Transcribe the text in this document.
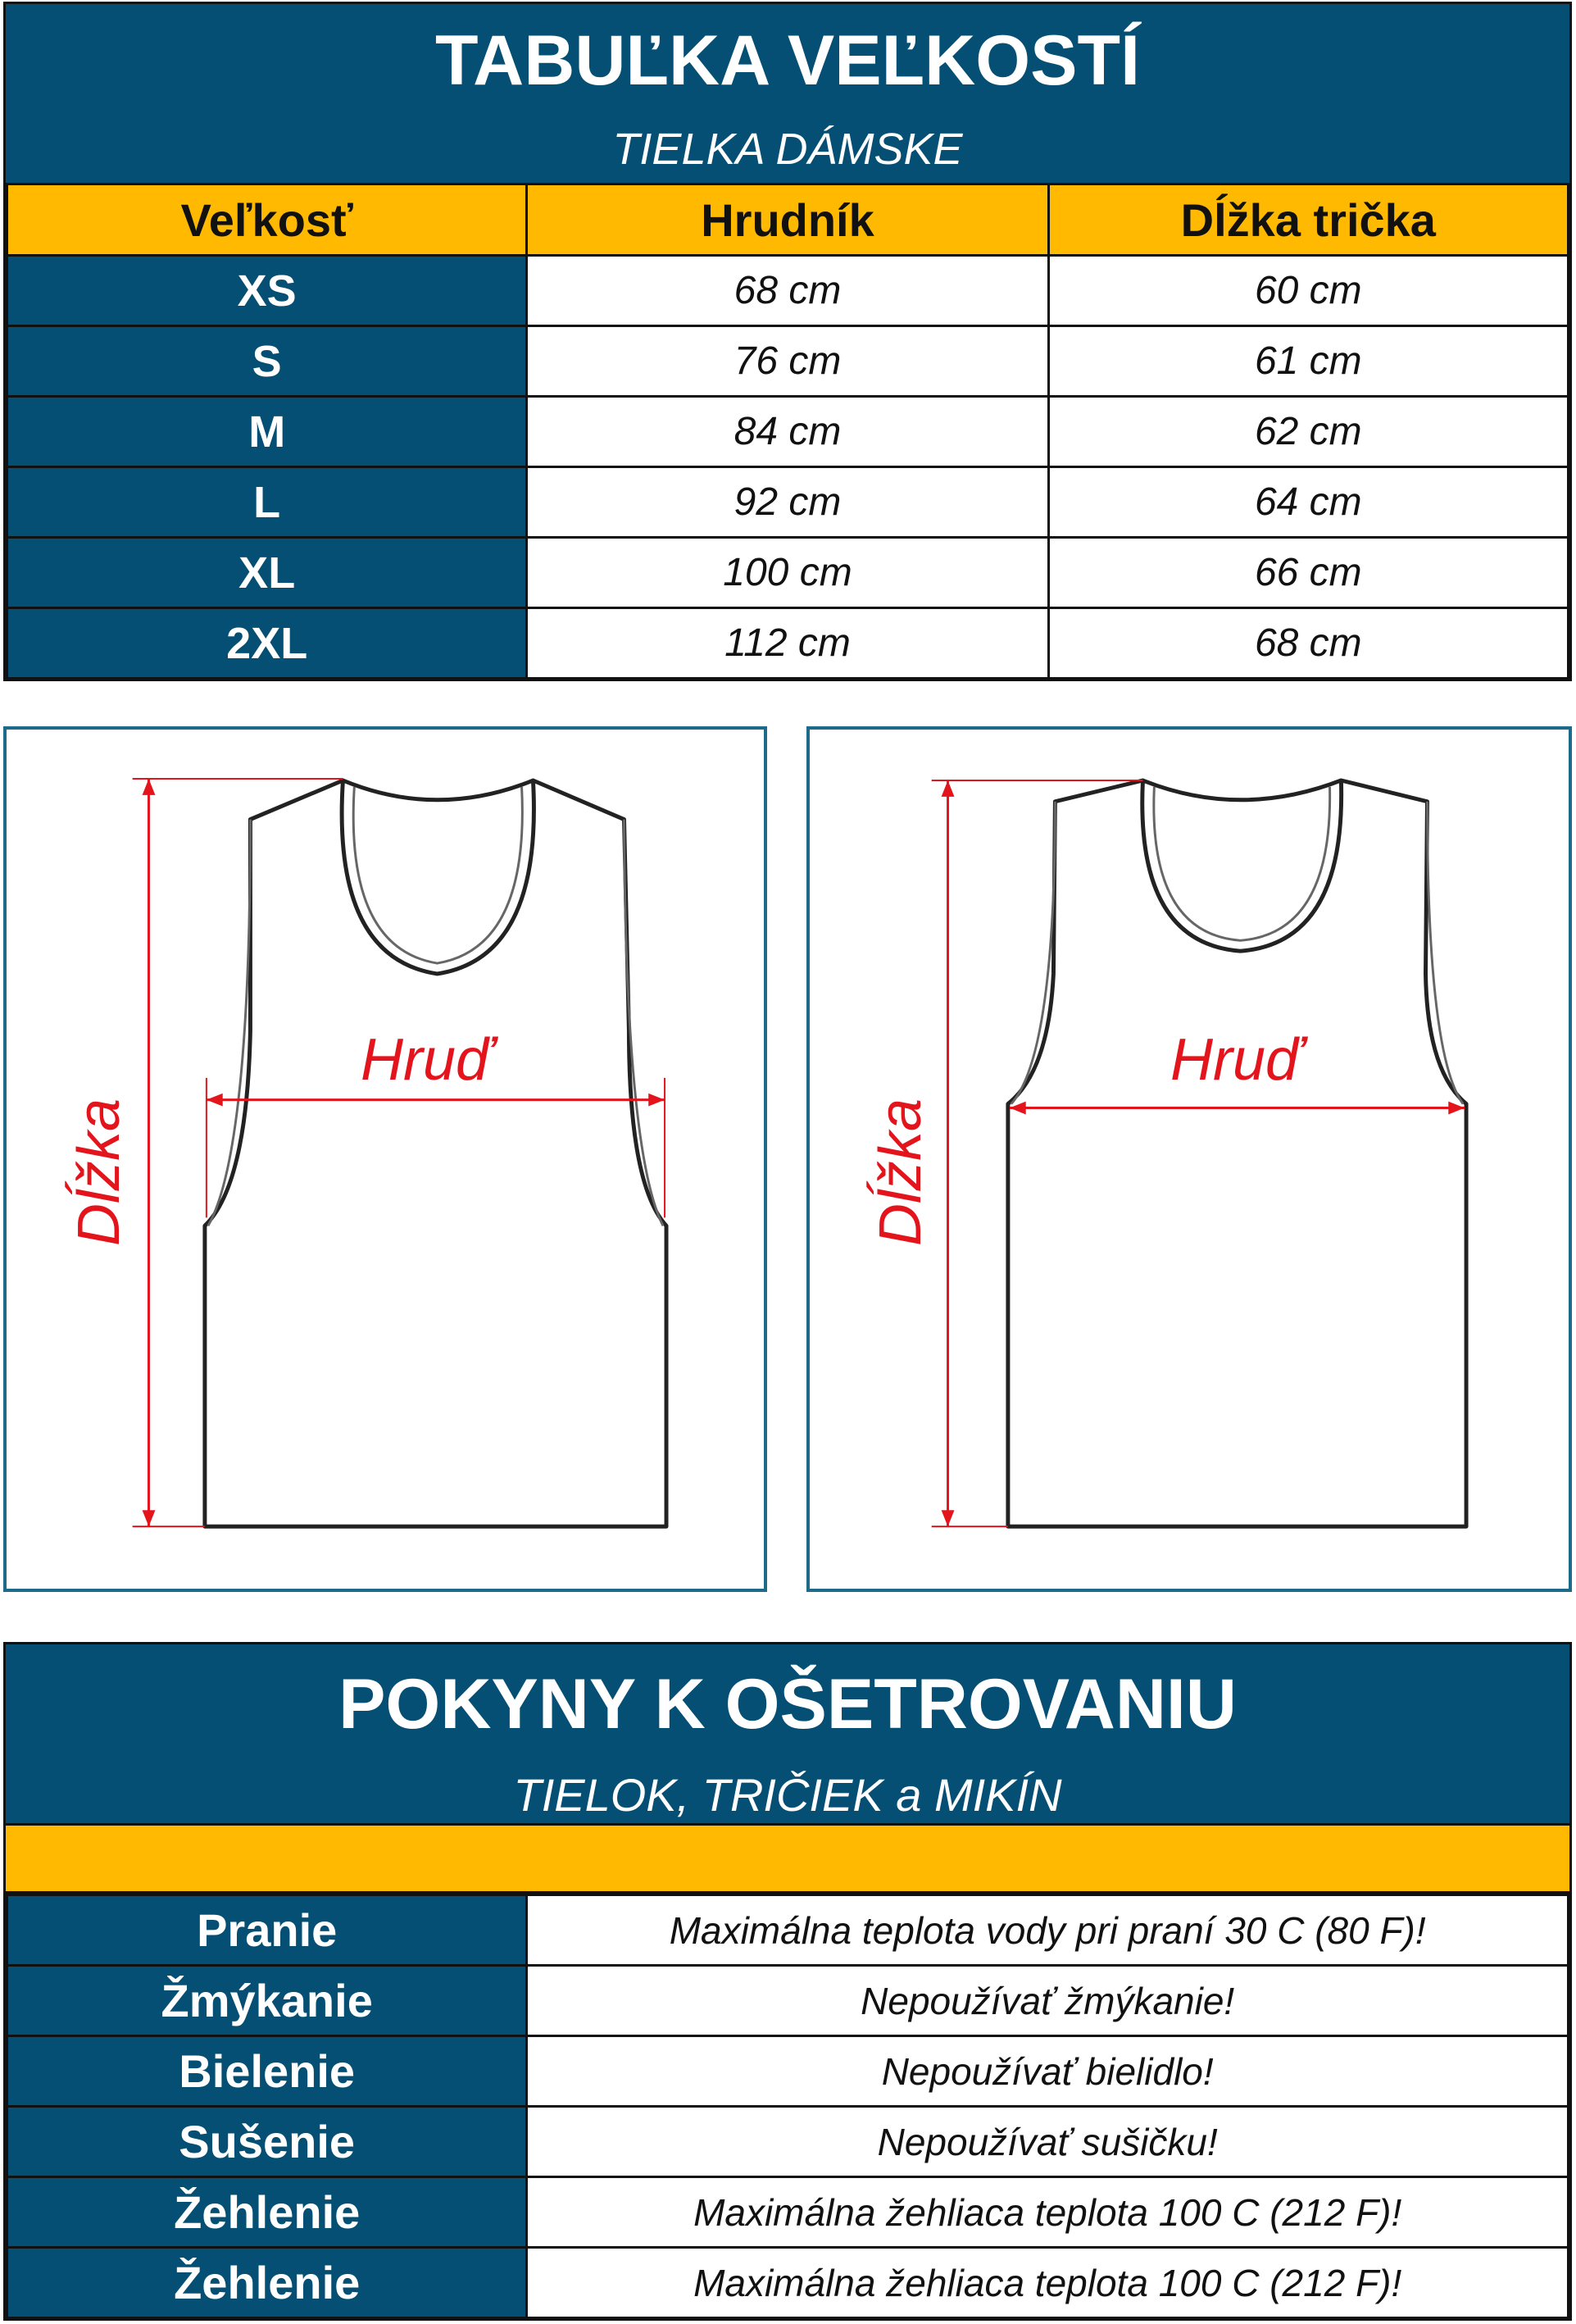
TABUĽKA VEĽKOSTÍ
TIELKA DÁMSKE
Veľkosť	Hrudník	Dĺžka trička
XS	68 cm	60 cm
S	76 cm	61 cm
M	84 cm	62 cm
L	92 cm	64 cm
XL	100 cm	66 cm
2XL	112 cm	68 cm
Dĺžka
Hruď
Dĺžka
Hruď
POKYNY K OŠETROVANIU
TIELOK, TRIČIEK a MIKÍN
Pranie	Maximálna teplota vody pri praní 30 C (80 F)!
Žmýkanie	Nepoužívať žmýkanie!
Bielenie	Nepoužívať bielidlo!
Sušenie	Nepoužívať sušičku!
Žehlenie	Maximálna žehliaca teplota 100 C (212 F)!
Žehlenie	Maximálna žehliaca teplota 100 C (212 F)!
